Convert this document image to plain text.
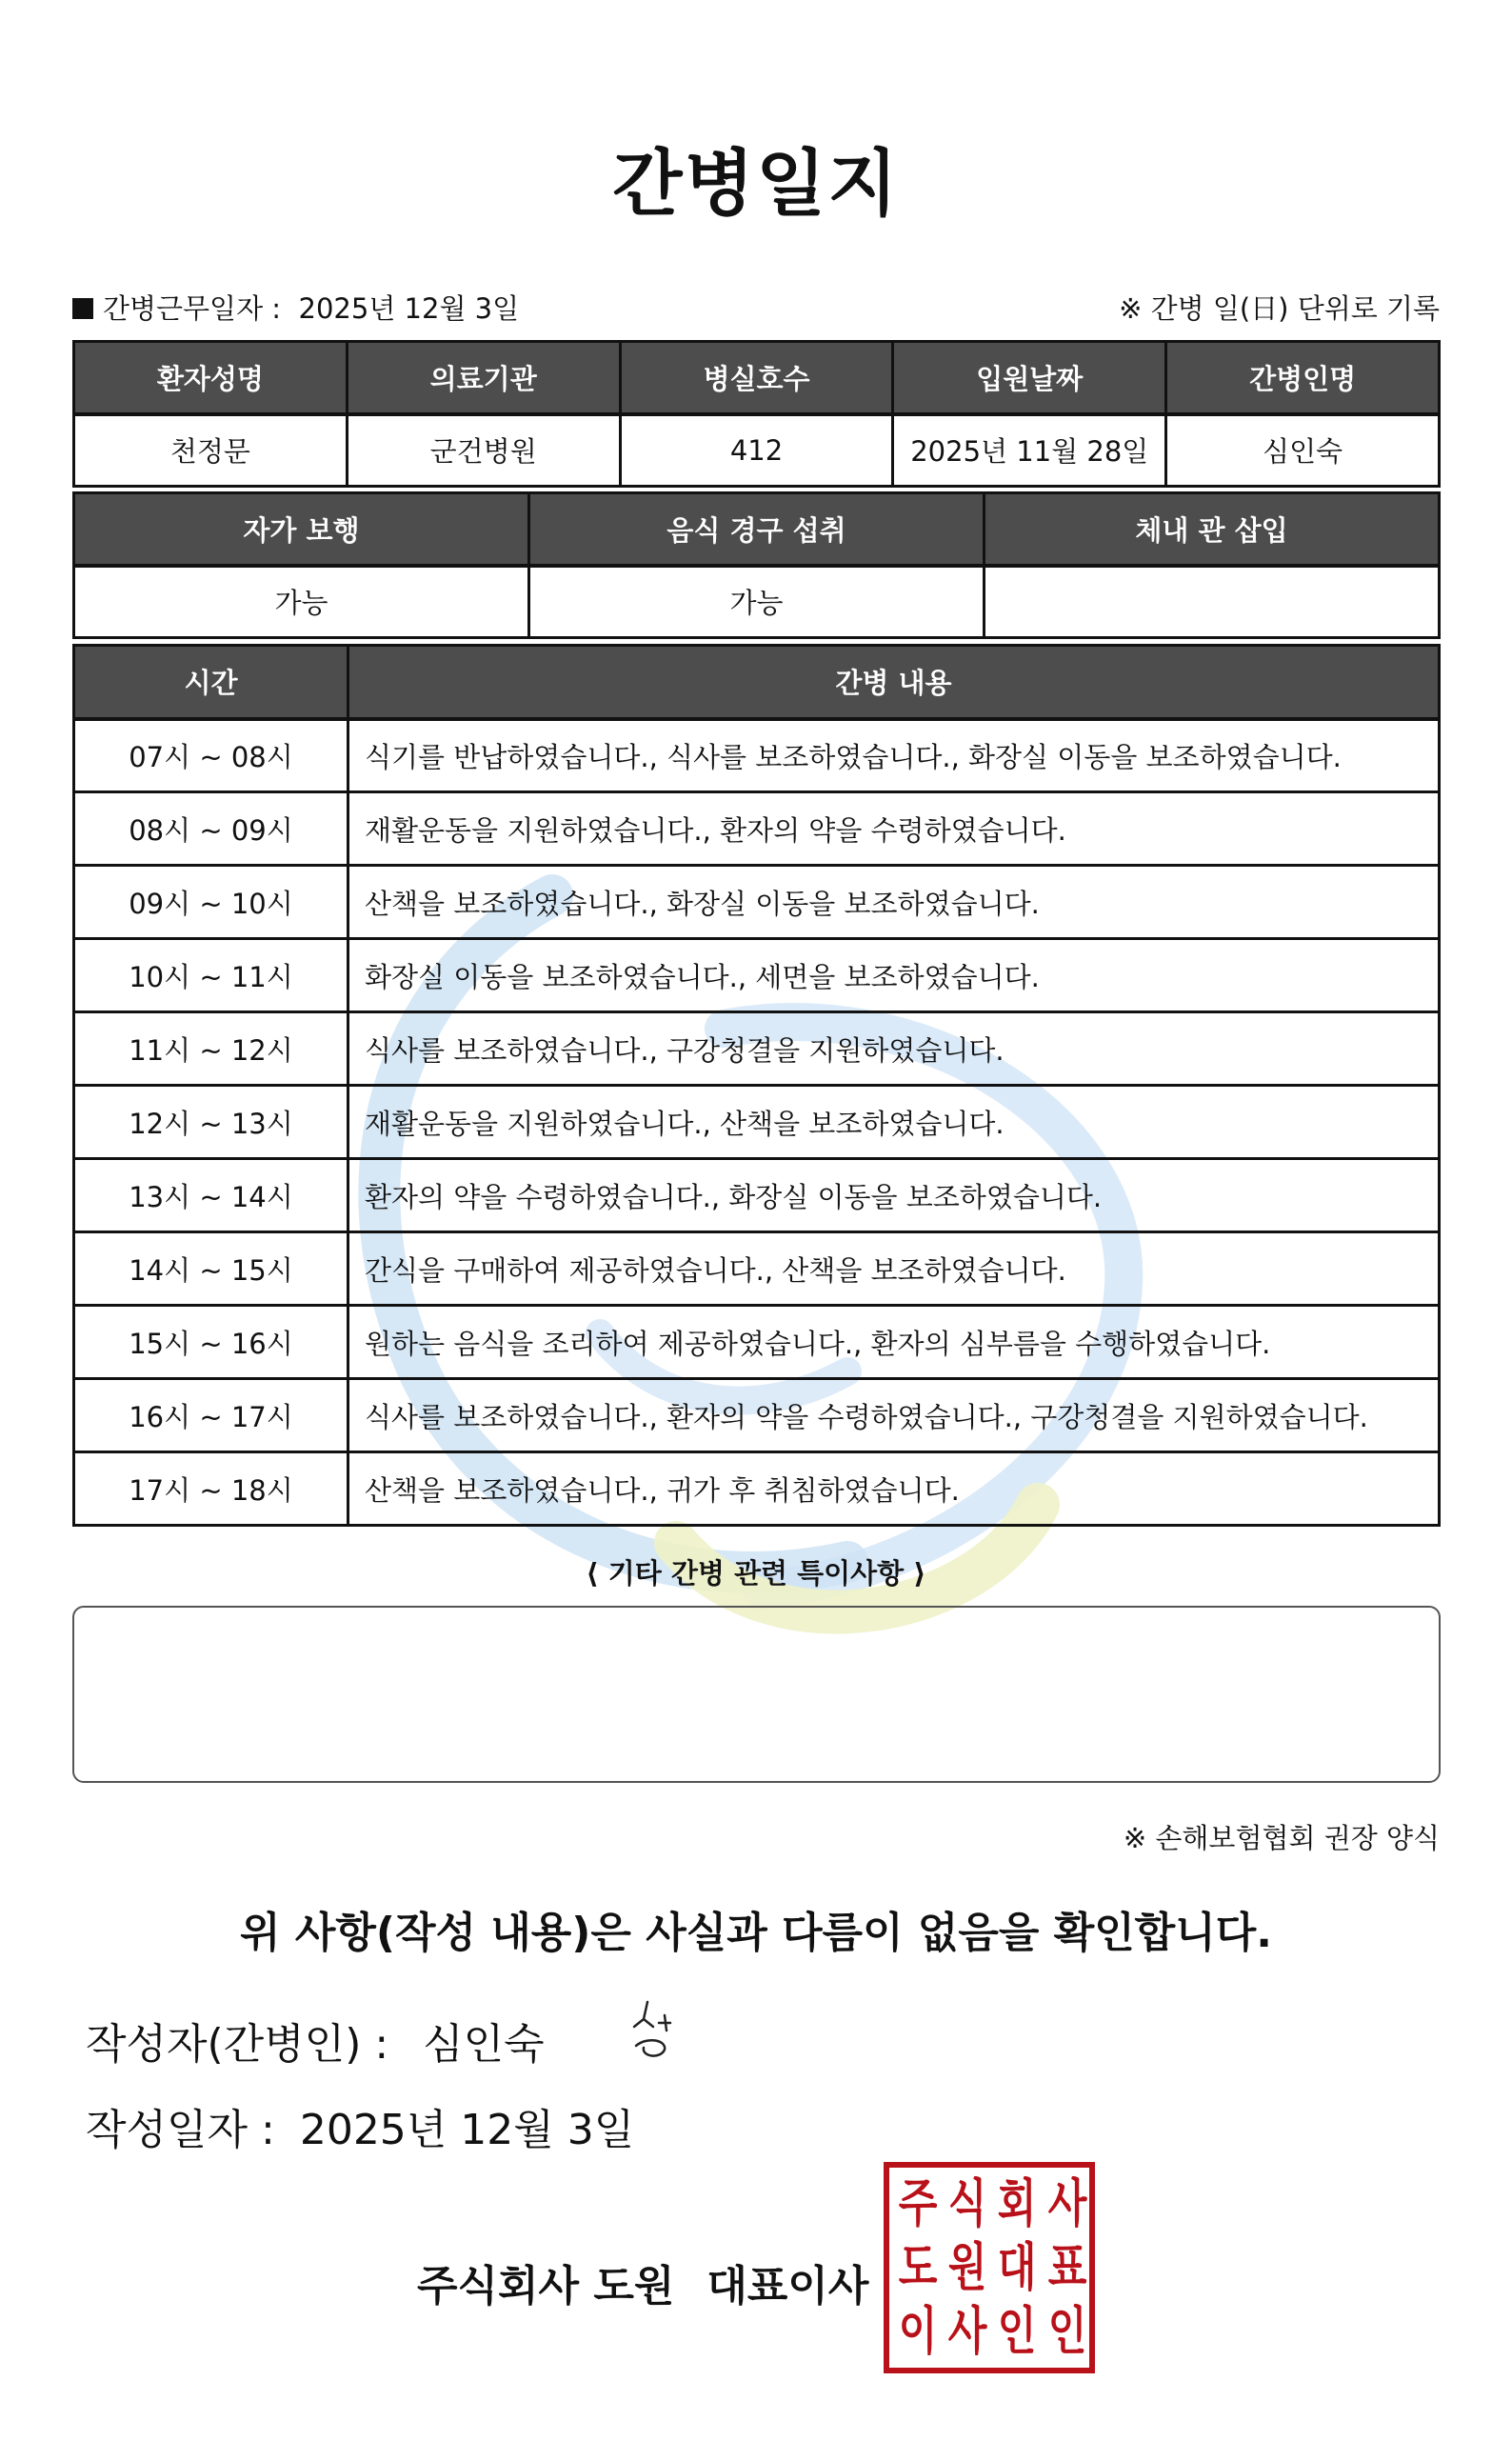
간병일지
간병근무일자 : 2025년 12월 3일	※ 간병 일(日) 단위로 기록
환자성명	의료기관	병실호수	입원날짜	간병인명
천정문	군건병원	412	2025년 11월 28일	심인숙
자가 보행	음식 경구 섭취	체내 관 삽입
가능	가능	
시간	간병 내용
07시 ~ 08시	식기를 반납하였습니다., 식사를 보조하였습니다., 화장실 이동을 보조하였습니다.
08시 ~ 09시	재활운동을 지원하였습니다., 환자의 약을 수령하였습니다.
09시 ~ 10시	산책을 보조하였습니다., 화장실 이동을 보조하였습니다.
10시 ~ 11시	화장실 이동을 보조하였습니다., 세면을 보조하였습니다.
11시 ~ 12시	식사를 보조하였습니다., 구강청결을 지원하였습니다.
12시 ~ 13시	재활운동을 지원하였습니다., 산책을 보조하였습니다.
13시 ~ 14시	환자의 약을 수령하였습니다., 화장실 이동을 보조하였습니다.
14시 ~ 15시	간식을 구매하여 제공하였습니다., 산책을 보조하였습니다.
15시 ~ 16시	원하는 음식을 조리하여 제공하였습니다., 환자의 심부름을 수행하였습니다.
16시 ~ 17시	식사를 보조하였습니다., 환자의 약을 수령하였습니다., 구강청결을 지원하였습니다.
17시 ~ 18시	산책을 보조하였습니다., 귀가 후 취침하였습니다.
⟨ 기타 간병 관련 특이사항 ⟩
※ 손해보험협회 권장 양식
위 사항(작성 내용)은 사실과 다름이 없음을 확인합니다.
작성자(간병인) : 심인숙
작성일자 : 2025년 12월 3일
주식회사 도원 대표이사
주 식 회 사
도 원 대 표
이 사 인 인
